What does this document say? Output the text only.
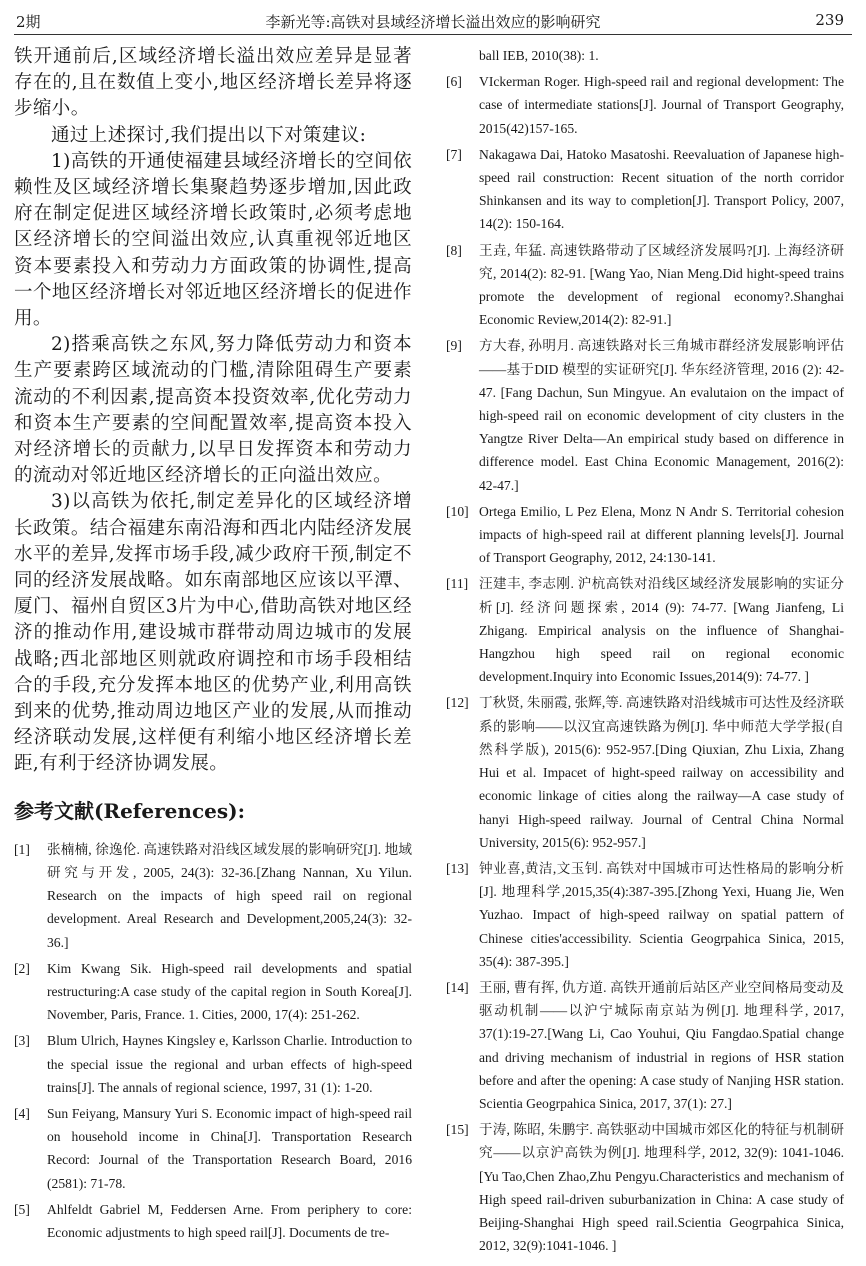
2期	李新光等:高铁对县域经济增长溢出效应的影响研究	239

铁开通前后,区域经济增长溢出效应差异是显著存在的,且在数值上变小,地区经济增长差异将逐步缩小。

通过上述探讨,我们提出以下对策建议:

1)高铁的开通使福建县域经济增长的空间依赖性及区域经济增长集聚趋势逐步增加,因此政府在制定促进区域经济增长政策时,必须考虑地区经济增长的空间溢出效应,认真重视邻近地区资本要素投入和劳动力方面政策的协调性,提高一个地区经济增长对邻近地区经济增长的促进作用。

2)搭乘高铁之东风,努力降低劳动力和资本生产要素跨区域流动的门槛,清除阻碍生产要素流动的不利因素,提高资本投资效率,优化劳动力和资本生产要素的空间配置效率,提高资本投入对经济增长的贡献力,以早日发挥资本和劳动力的流动对邻近地区经济增长的正向溢出效应。

3)以高铁为依托,制定差异化的区域经济增长政策。结合福建东南沿海和西北内陆经济发展水平的差异,发挥市场手段,减少政府干预,制定不同的经济发展战略。如东南部地区应该以平潭、厦门、福州自贸区3片为中心,借助高铁对地区经济的推动作用,建设城市群带动周边城市的发展战略;西北部地区则就政府调控和市场手段相结合的手段,充分发挥本地区的优势产业,利用高铁到来的优势,推动周边地区产业的发展,从而推动经济联动发展,这样便有利缩小地区经济增长差距,有利于经济协调发展。

参考文献(References):
[1] 张楠楠, 徐逸伦. 高速铁路对沿线区域发展的影响研究[J]. 地域研究与开发, 2005, 24(3): 32-36.[Zhang Nannan, Xu Yilun. Research on the impacts of high speed rail on regional development. Areal Research and Development,2005,24(3): 32-36.]
[2] Kim Kwang Sik. High-speed rail developments and spatial restructuring:A case study of the capital region in South Korea[J]. November, Paris, France. 1. Cities, 2000, 17(4): 251-262.
[3] Blum Ulrich, Haynes Kingsley e, Karlsson Charlie. Introduction to the special issue the regional and urban effects of high-speed trains[J]. The annals of regional science, 1997, 31 (1): 1-20.
[4] Sun Feiyang, Mansury Yuri S. Economic impact of high-speed rail on household income in China[J]. Transportation Research Record: Journal of the Transportation Research Board, 2016 (2581): 71-78.
[5] Ahlfeldt Gabriel M, Feddersen Arne. From periphery to core: Economic adjustments to high speed rail[J]. Documents de tre-
ball IEB, 2010(38): 1.
[6] VIckerman Roger. High-speed rail and regional development: The case of intermediate stations[J]. Journal of Transport Geography, 2015(42)157-165.
[7] Nakagawa Dai, Hatoko Masatoshi. Reevaluation of Japanese high-speed rail construction: Recent situation of the north corridor Shinkansen and its way to completion[J]. Transport Policy, 2007, 14(2): 150-164.
[8] 王垚, 年猛. 高速铁路带动了区域经济发展吗?[J]. 上海经济研究, 2014(2): 82-91. [Wang Yao, Nian Meng.Did hight-speed trains promote the development of regional economy?.Shanghai Economic Review,2014(2): 82-91.]
[9] 方大春, 孙明月. 高速铁路对长三角城市群经济发展影响评估——基于DID 模型的实证研究[J]. 华东经济管理, 2016 (2): 42-47. [Fang Dachun, Sun Mingyue. An evalutaion on the impact of high-speed rail on economic development of city clusters in the Yangtze River Delta—An empirical study based on difference in difference model. East China Economic Management, 2016(2): 42-47.]
[10] Ortega Emilio, L Pez Elena, Monz N Andr S. Territorial cohesion impacts of high-speed rail at different planning levels[J]. Journal of Transport Geography, 2012, 24:130-141.
[11] 汪建丰, 李志刚. 沪杭高铁对沿线区域经济发展影响的实证分析[J]. 经济问题探索, 2014 (9): 74-77. [Wang Jianfeng, Li Zhigang. Empirical analysis on the influence of Shanghai-Hangzhou high speed rail on regional economic development.Inquiry into Economic Issues,2014(9): 74-77. ]
[12] 丁秋贤, 朱丽霞, 张辉,等. 高速铁路对沿线城市可达性及经济联系的影响——以汉宜高速铁路为例[J]. 华中师范大学学报(自然科学版), 2015(6): 952-957.[Ding Qiuxian, Zhu Lixia, Zhang Hui et al. Impacet of hight-speed railway on accessibility and economic linkage of cities along the railway—A case study of hanyi High-speed railway. Journal of Central China Normal University, 2015(6): 952-957.]
[13] 钟业喜,黄洁,文玉钊. 高铁对中国城市可达性格局的影响分析[J]. 地理科学,2015,35(4):387-395.[Zhong Yexi, Huang Jie, Wen Yuzhao. Impact of high-speed railway on spatial pattern of Chinese cities'accessibility. Scientia Geogrpahica Sinica, 2015, 35(4): 387-395.]
[14] 王丽, 曹有挥, 仇方道. 高铁开通前后站区产业空间格局变动及驱动机制——以沪宁城际南京站为例[J]. 地理科学, 2017, 37(1):19-27.[Wang Li, Cao Youhui, Qiu Fangdao.Spatial change and driving mechanism of industrial in regions of HSR station before and after the opening: A case study of Nanjing HSR station. Scientia Geogrpahica Sinica, 2017, 37(1): 27.]
[15] 于涛, 陈昭, 朱鹏宇. 高铁驱动中国城市郊区化的特征与机制研究——以京沪高铁为例[J]. 地理科学, 2012, 32(9): 1041-1046.[Yu Tao,Chen Zhao,Zhu Pengyu.Characteristics and mechanism of High speed rail-driven suburbanization in China: A case study of Beijing-Shanghai High speed rail.Scientia Geogrpahica Sinica, 2012, 32(9):1041-1046. ]
